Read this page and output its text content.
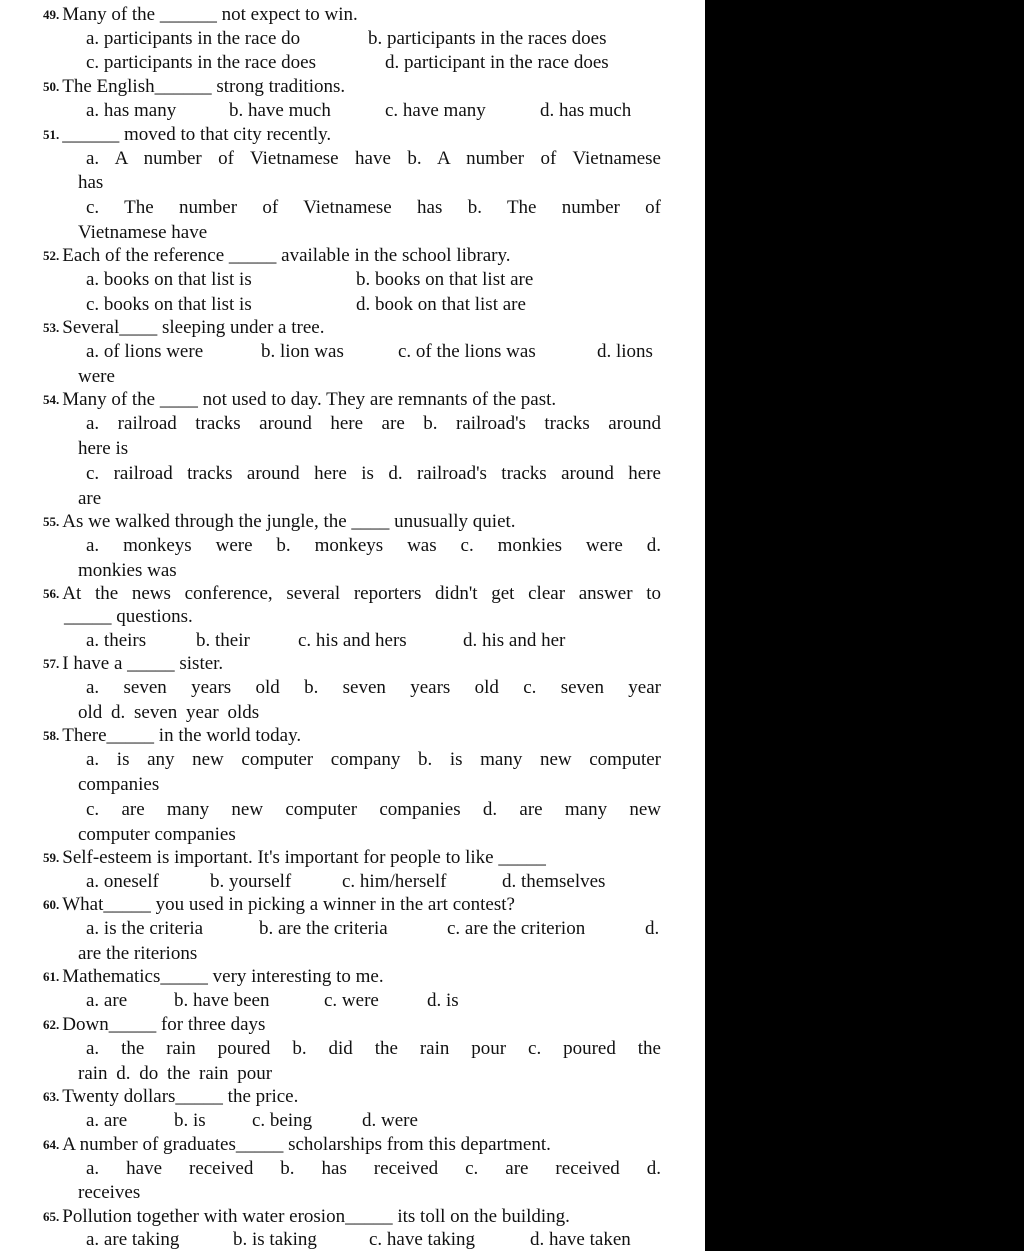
49. Many of the ______ not expect to win.
a. participants in the race do	b. participants in the races does
c. participants in the race does	d. participant in the race does
50. The English______ strong traditions.
a. has many	b. have much	c. have many	d. has much
51. ______ moved to that city recently.
a. A number of Vietnamese have b. A number of Vietnamese
has
c. The number of Vietnamese has b. The number of
Vietnamese have
52. Each of the reference _____ available in the school library.
a. books on that list is	b. books on that list are
c. books on that list is	d. book on that list are
53. Several____ sleeping under a tree.
a. of lions were	b. lion was	c. of the lions was	d. lions
were
54. Many of the ____ not used to day. They are remnants of the past.
a. railroad tracks around here are b. railroad's tracks around
here is
c. railroad tracks around here is d. railroad's tracks around here
are
55. As we walked through the jungle, the ____ unusually quiet.
a. monkeys were b. monkeys was c. monkies were d.
monkies was
56. At the news conference, several reporters didn't get clear answer to
_____ questions.
a. theirs	b. their	c. his and hers	d. his and her
57. I have a _____ sister.
a. seven years old b. seven years old c. seven year
old d. seven year olds
58. There_____ in the world today.
a. is any new computer company b. is many new computer
companies
c. are many new computer companies d. are many new
computer companies
59. Self-esteem is important. It's important for people to like _____
a. oneself	b. yourself	c. him/herself	d. themselves
60. What_____ you used in picking a winner in the art contest?
a. is the criteria	b. are the criteria	c. are the criterion	d.
are the riterions
61. Mathematics_____ very interesting to me.
a. are b. have been	c. were	d. is
62. Down_____ for three days
a. the rain poured b. did the rain pour c. poured the
rain d. do the rain pour
63. Twenty dollars_____ the price.
a. are b. is c. being	d. were
64. A number of graduates_____ scholarships from this department.
a. have received b. has received c. are received d.
receives
65. Pollution together with water erosion_____ its toll on the building.
a. are taking	b. is taking	c. have taking	d. have taken
